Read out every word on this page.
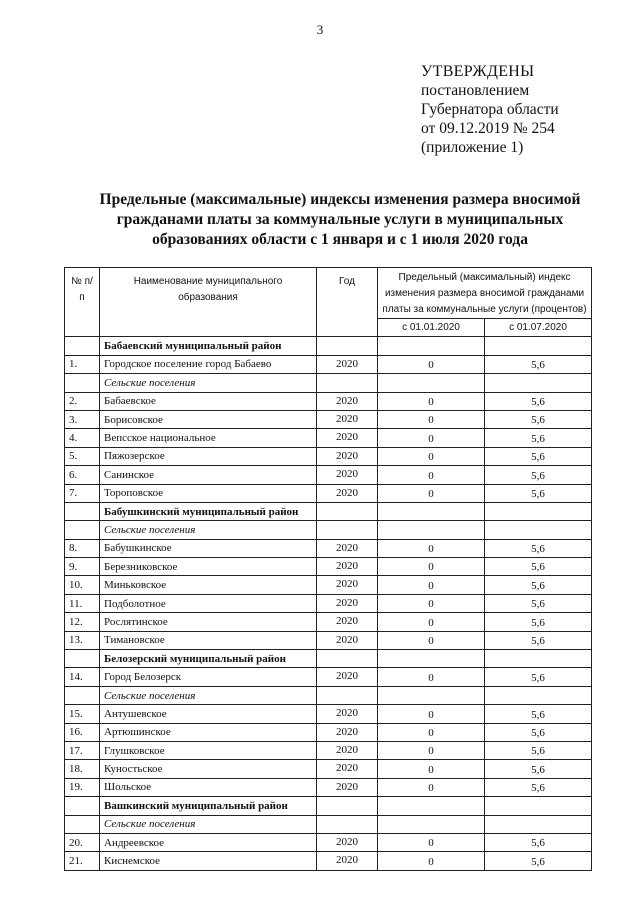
3
УТВЕРЖДЕНЫ
постановлением
Губернатора области
от 09.12.2019 № 254
(приложение 1)
Предельные (максимальные) индексы изменения размера вносимой
гражданами платы за коммунальные услуги в муниципальных
образованиях области с 1 января и с 1 июля 2020 года
№ п/п	Наименование муниципального образования	Год	Предельный (максимальный) индекс изменения размера вносимой гражданами платы за коммунальные услуги (процентов)	
			с 01.01.2020	с 01.07.2020
	Бабаевский муниципальный район			
1.	Городское поселение город Бабаево	2020	0	5,6
	Сельские поселения			
2.	Бабаевское	2020	0	5,6
3.	Борисовское	2020	0	5,6
4.	Вепсское национальное	2020	0	5,6
5.	Пяжозерское	2020	0	5,6
6.	Санинское	2020	0	5,6
7.	Тороповское	2020	0	5,6
	Бабушкинский муниципальный район			
	Сельские поселения			
8.	Бабушкинское	2020	0	5,6
9.	Березниковское	2020	0	5,6
10.	Миньковское	2020	0	5,6
11.	Подболотное	2020	0	5,6
12.	Рослятинское	2020	0	5,6
13.	Тимановское	2020	0	5,6
	Белозерский муниципальный район			
14.	Город Белозерск	2020	0	5,6
	Сельские поселения			
15.	Антушевское	2020	0	5,6
16.	Артюшинское	2020	0	5,6
17.	Глушковское	2020	0	5,6
18.	Куностьское	2020	0	5,6
19.	Шольское	2020	0	5,6
	Вашкинский муниципальный район			
	Сельские поселения			
20.	Андреевское	2020	0	5,6
21.	Киснемское	2020	0	5,6
